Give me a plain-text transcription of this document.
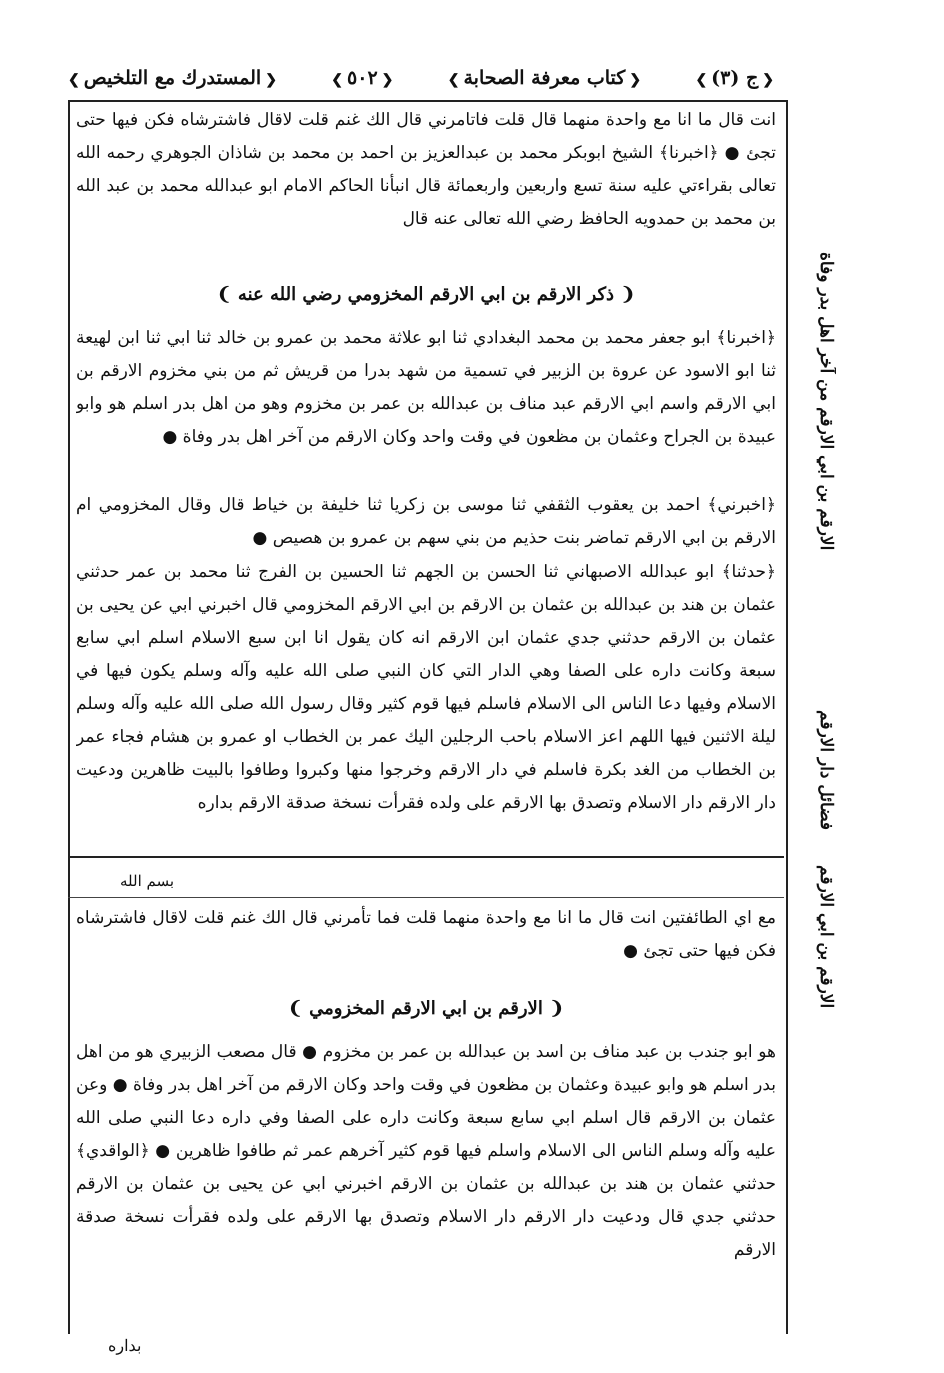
❮ المستدرك مع التلخيص ❯	❮ ٥٠٢ ❯	❮ كتاب معرفة الصحابة ❯	❮ ج (٣) ❯

انت قال ما انا مع واحدة منهما قال قلت فاتامرني قال الك غنم قلت لاقال فاشترشاه فكن فيها حتى تجئ ● ﴿اخبرنا﴾ الشيخ ابوبكر محمد بن عبدالعزيز بن احمد بن محمد بن شاذان الجوهري رحمه الله تعالى بقراءتي عليه سنة تسع واربعين واربعمائة قال انبأنا الحاكم الامام ابو عبدالله محمد بن عبد الله بن محمد بن حمدويه الحافظ رضي الله تعالى عنه قال

❨ ذكر الارقم بن ابي الارقم المخزومي رضي الله عنه ❩

﴿اخبرنا﴾ ابو جعفر محمد بن محمد البغدادي ثنا ابو علاثة محمد بن عمرو بن خالد ثنا ابي ثنا ابن لهيعة ثنا ابو الاسود عن عروة بن الزبير في تسمية من شهد بدرا من قريش ثم من بني مخزوم الارقم بن ابي الارقم واسم ابي الارقم عبد مناف بن عبدالله بن عمر بن مخزوم وهو من اهل بدر اسلم هو وابو عبيدة بن الجراح وعثمان بن مظعون في وقت واحد وكان الارقم من آخر اهل بدر وفاة ●

﴿اخبرني﴾ احمد بن يعقوب الثقفي ثنا موسى بن زكريا ثنا خليفة بن خياط قال وقال المخزومي ام الارقم بن ابي الارقم تماضر بنت حذيم من بني سهم بن عمرو بن هصيص ●

﴿حدثنا﴾ ابو عبدالله الاصبهاني ثنا الحسن بن الجهم ثنا الحسين بن الفرج ثنا محمد بن عمر حدثني عثمان بن هند بن عبدالله بن عثمان بن الارقم بن ابي الارقم المخزومي قال اخبرني ابي عن يحيى بن عثمان بن الارقم حدثني جدي عثمان ابن الارقم انه كان يقول انا ابن سبع الاسلام اسلم ابي سابع سبعة وكانت داره على الصفا وهي الدار التي كان النبي صلى الله عليه وآله وسلم يكون فيها في الاسلام وفيها دعا الناس الى الاسلام فاسلم فيها قوم كثير وقال رسول الله صلى الله عليه وآله وسلم ليلة الاثنين فيها اللهم اعز الاسلام باحب الرجلين اليك عمر بن الخطاب او عمرو بن هشام فجاء عمر بن الخطاب من الغد بكرة فاسلم في دار الارقم وخرجوا منها وكبروا وطافوا بالبيت ظاهرين ودعيت دار الارقم دار الاسلام وتصدق بها الارقم على ولده فقرأت نسخة صدقة الارقم بداره

بسم الله

مع اي الطائفتين انت قال ما انا مع واحدة منهما قلت فما تأمرني قال الك غنم قلت لاقال فاشترشاه فكن فيها حتى تجئ ●

❨ الارقم بن ابي الارقم المخزومي ❩

هو ابو جندب بن عبد مناف بن اسد بن عبدالله بن عمر بن مخزوم ● قال مصعب الزبيري هو من اهل بدر اسلم هو وابو عبيدة وعثمان بن مظعون في وقت واحد وكان الارقم من آخر اهل بدر وفاة ● وعن عثمان بن الارقم قال اسلم ابي سابع سبعة وكانت داره على الصفا وفي داره دعا النبي صلى الله عليه وآله وسلم الناس الى الاسلام واسلم فيها قوم كثير آخرهم عمر ثم طافوا ظاهرين ● ﴿الواقدي﴾ حدثني عثمان بن هند بن عبدالله بن عثمان بن الارقم اخبرني ابي عن يحيى بن عثمان بن الارقم حدثني جدي قال ودعيت دار الارقم دار الاسلام وتصدق بها الارقم على ولده فقرأت نسخة صدقة الارقم

بداره
الارقم بن ابي الارقم من آخر اهل بدر وفاة
فضائل دار الارقم
الارقم بن ابي الارقم
